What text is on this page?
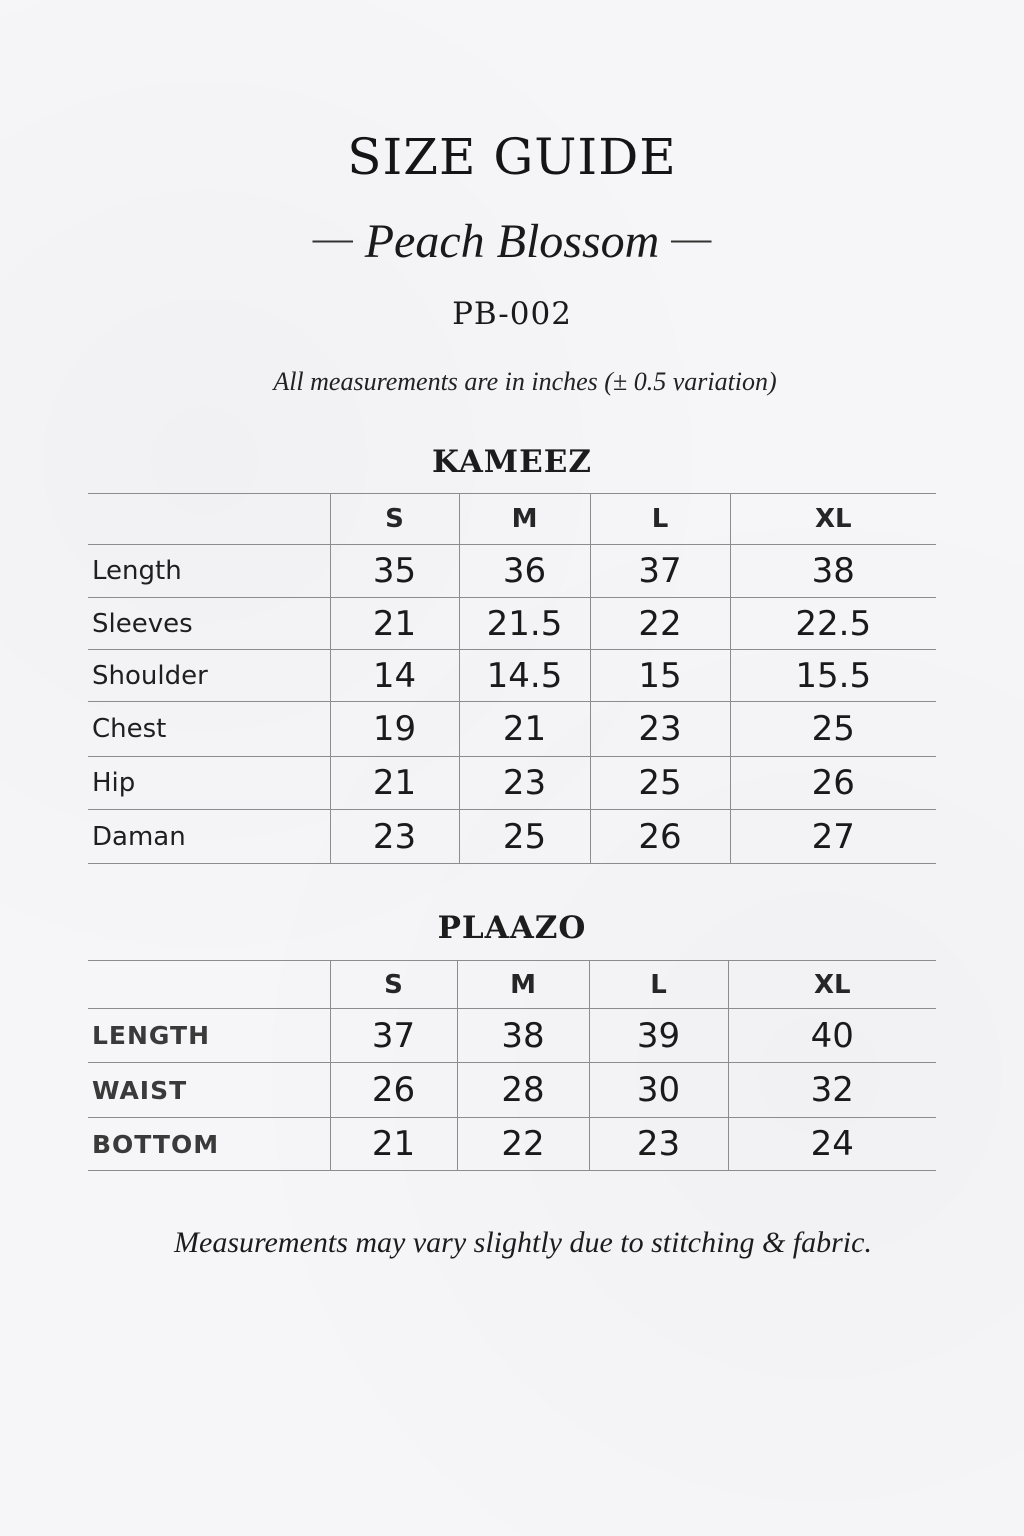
SIZE GUIDE
— Peach Blossom —
PB-002
All measurements are in inches (± 0.5 variation)
KAMEEZ
	S	M	L	XL
Length	35	36	37	38
Sleeves	21	21.5	22	22.5
Shoulder	14	14.5	15	15.5
Chest	19	21	23	25
Hip	21	23	25	26
Daman	23	25	26	27
PLAAZO
	S	M	L	XL
LENGTH	37	38	39	40
WAIST	26	28	30	32
BOTTOM	21	22	23	24
Measurements may vary slightly due to stitching & fabric.
